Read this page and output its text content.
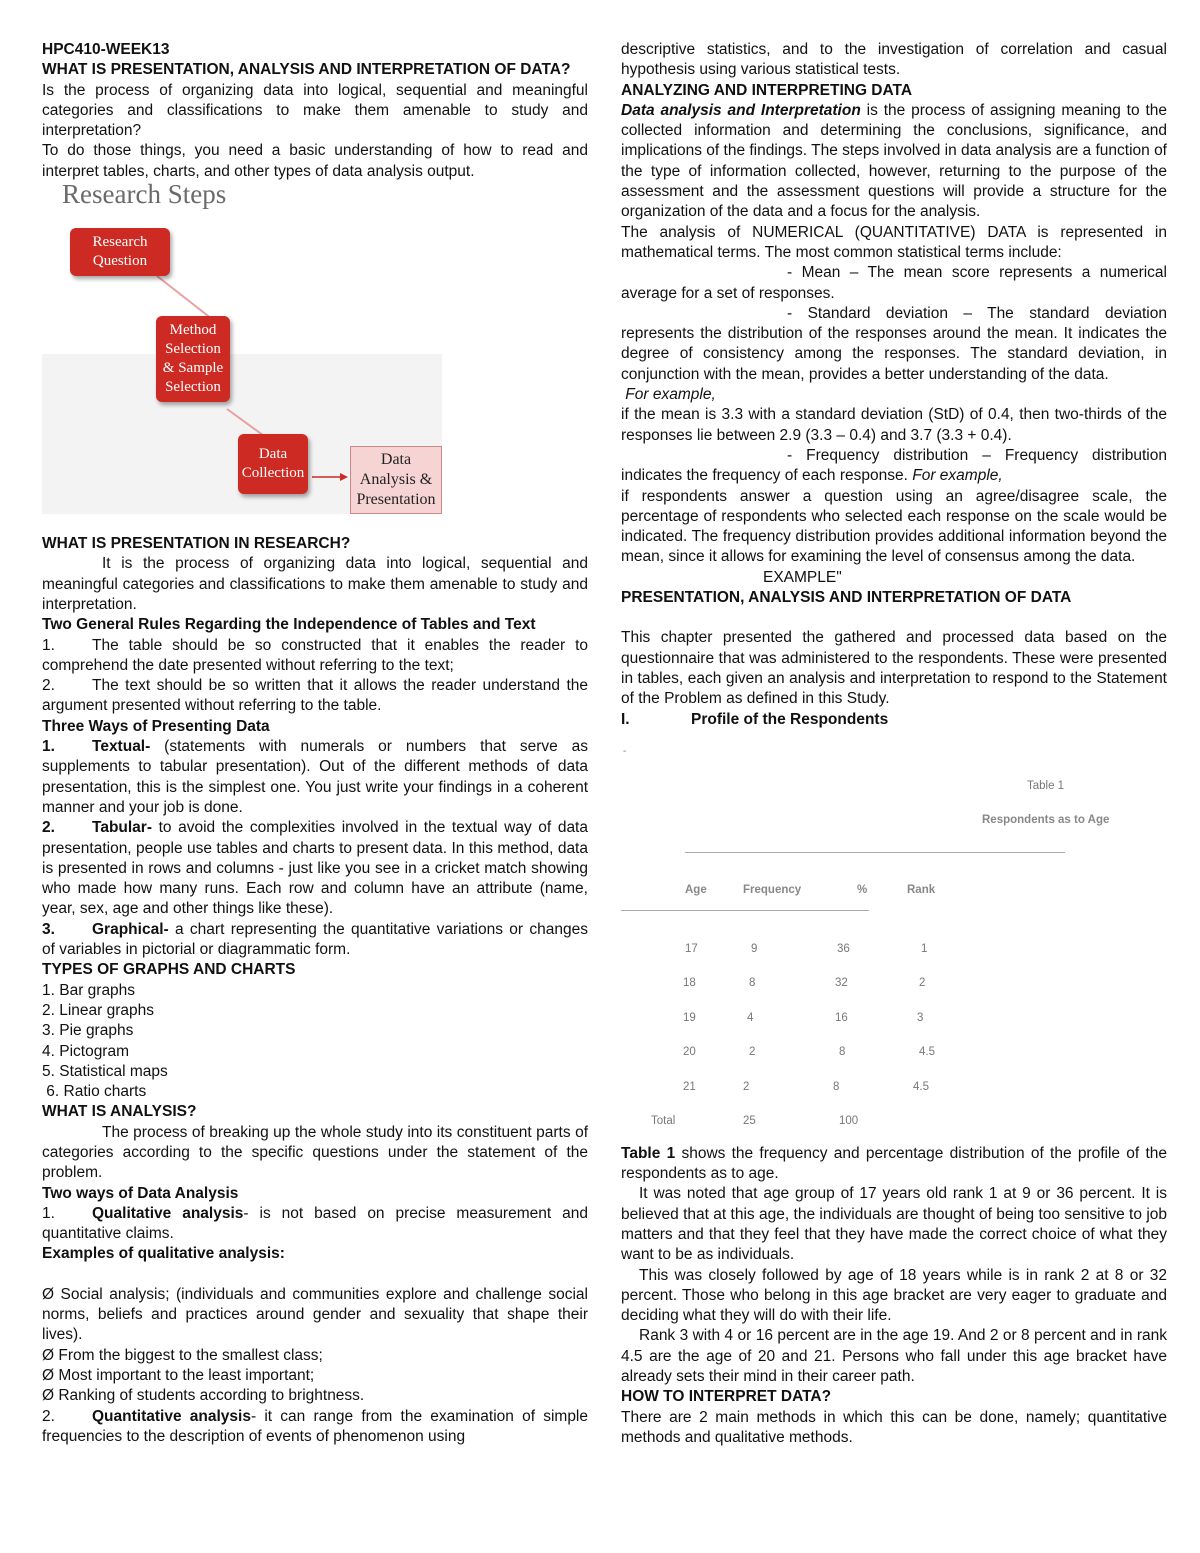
HPC410-WEEK13

WHAT IS PRESENTATION, ANALYSIS AND INTERPRETATION OF DATA?

Is the process of organizing data into logical, sequential and meaningful categories and classifications to make them amenable to study and interpretation?

To do those things, you need a basic understanding of how to read and interpret tables, charts, and other types of data analysis output.

Research Steps
Research Question
Method Selection & Sample Selection
Data Collection
Data Analysis & Presentation

WHAT IS PRESENTATION IN RESEARCH?

It is the process of organizing data into logical, sequential and meaningful categories and classifications to make them amenable to study and interpretation.

Two General Rules Regarding the Independence of Tables and Text

1. The table should be so constructed that it enables the reader to comprehend the date presented without referring to the text;

2. The text should be so written that it allows the reader understand the argument presented without referring to the table.

Three Ways of Presenting Data

1. Textual- (statements with numerals or numbers that serve as supplements to tabular presentation). Out of the different methods of data presentation, this is the simplest one. You just write your findings in a coherent manner and your job is done.

2. Tabular- to avoid the complexities involved in the textual way of data presentation, people use tables and charts to present data. In this method, data is presented in rows and columns - just like you see in a cricket match showing who made how many runs. Each row and column have an attribute (name, year, sex, age and other things like these).

3. Graphical- a chart representing the quantitative variations or changes of variables in pictorial or diagrammatic form.

TYPES OF GRAPHS AND CHARTS

1. Bar graphs
2. Linear graphs
3. Pie graphs
4. Pictogram
5. Statistical maps
6. Ratio charts

WHAT IS ANALYSIS?

The process of breaking up the whole study into its constituent parts of categories according to the specific questions under the statement of the problem.

Two ways of Data Analysis

1. Qualitative analysis- is not based on precise measurement and quantitative claims.

Examples of qualitative analysis:

Ø Social analysis; (individuals and communities explore and challenge social norms, beliefs and practices around gender and sexuality that shape their lives).

Ø From the biggest to the smallest class;

Ø Most important to the least important;

Ø Ranking of students according to brightness.

2. Quantitative analysis- it can range from the examination of simple frequencies to the description of events of phenomenon using

descriptive statistics, and to the investigation of correlation and casual hypothesis using various statistical tests.

ANALYZING AND INTERPRETING DATA

Data analysis and Interpretation is the process of assigning meaning to the collected information and determining the conclusions, significance, and implications of the findings. The steps involved in data analysis are a function of the type of information collected, however, returning to the purpose of the assessment and the assessment questions will provide a structure for the organization of the data and a focus for the analysis.

The analysis of NUMERICAL (QUANTITATIVE) DATA is represented in mathematical terms. The most common statistical terms include:

- Mean – The mean score represents a numerical average for a set of responses.

- Standard deviation – The standard deviation represents the distribution of the responses around the mean. It indicates the degree of consistency among the responses. The standard deviation, in conjunction with the mean, provides a better understanding of the data.

For example,

if the mean is 3.3 with a standard deviation (StD) of 0.4, then two-thirds of the responses lie between 2.9 (3.3 – 0.4) and 3.7 (3.3 + 0.4).

- Frequency distribution – Frequency distribution indicates the frequency of each response. For example,

if respondents answer a question using an agree/disagree scale, the percentage of respondents who selected each response on the scale would be indicated. The frequency distribution provides additional information beyond the mean, since it allows for examining the level of consensus among the data.

EXAMPLE"

PRESENTATION, ANALYSIS AND INTERPRETATION OF DATA

This chapter presented the gathered and processed data based on the questionnaire that was administered to the respondents. These were presented in tables, each given an analysis and interpretation to respond to the Statement of the Problem as defined in this Study.

I.	Profile of the Respondents

-
Table 1
Respondents as to Age
Age	Frequency	%	Rank
17	9	36	1
18	8	32	2
19	4	16	3
20	2	8	4.5
21	2	8	4.5
Total	25	100

Table 1 shows the frequency and percentage distribution of the profile of the respondents as to age.

It was noted that age group of 17 years old rank 1 at 9 or 36 percent. It is believed that at this age, the individuals are thought of being too sensitive to job matters and that they feel that they have made the correct choice of what they want to be as individuals.

This was closely followed by age of 18 years while is in rank 2 at 8 or 32 percent. Those who belong in this age bracket are very eager to graduate and deciding what they will do with their life.

Rank 3 with 4 or 16 percent are in the age 19. And 2 or 8 percent and in rank 4.5 are the age of 20 and 21. Persons who fall under this age bracket have already sets their mind in their career path.

HOW TO INTERPRET DATA?

There are 2 main methods in which this can be done, namely; quantitative methods and qualitative methods.
